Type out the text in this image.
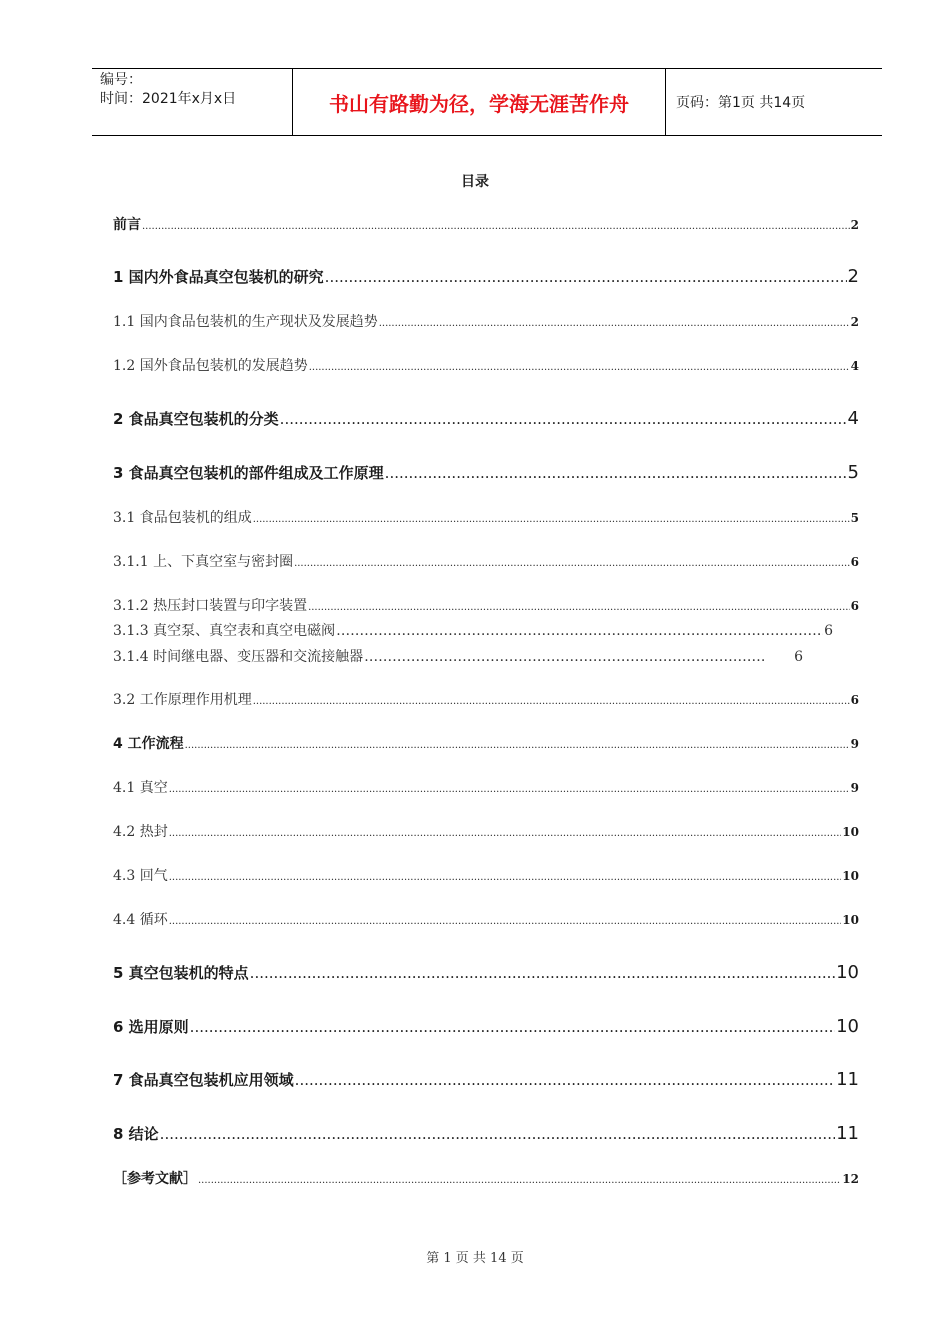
编号：
时间：2021年x月x日	书山有路勤为径，学海无涯苦作舟	页码：第1页 共14页
目录
前言 .....	2
1 国内外食品真空包装机的研究 .....	2
1.1 国内食品包装机的生产现状及发展趋势 .....	2
1.2 国外食品包装机的发展趋势 .....	4
2 食品真空包装机的分类 .....	4
3 食品真空包装机的部件组成及工作原理 .....	5
3.1 食品包装机的组成 .....	5
3.1.1 上、下真空室与密封圈 .....	6
3.1.2 热压封口装置与印字装置 .....	6
3.1.3 真空泵、真空表和真空电磁阀 …………………………………………………………………………………………………………………………………………	6
3.1.4 时间继电器、变压器和交流接触器 …………………………………………………………………………………………………………………………………………	6
3.2 工作原理作用机理 .....	6
4 工作流程 .....	9
4.1 真空 .....	9
4.2 热封 .....	10
4.3 回气 .....	10
4.4 循环 .....	10
5 真空包装机的特点 .....	10
6 选用原则 .....	10
7 食品真空包装机应用领域 .....	11
8 结论 .....	11
［参考文献］ .....	12
第 1 页 共 14 页
